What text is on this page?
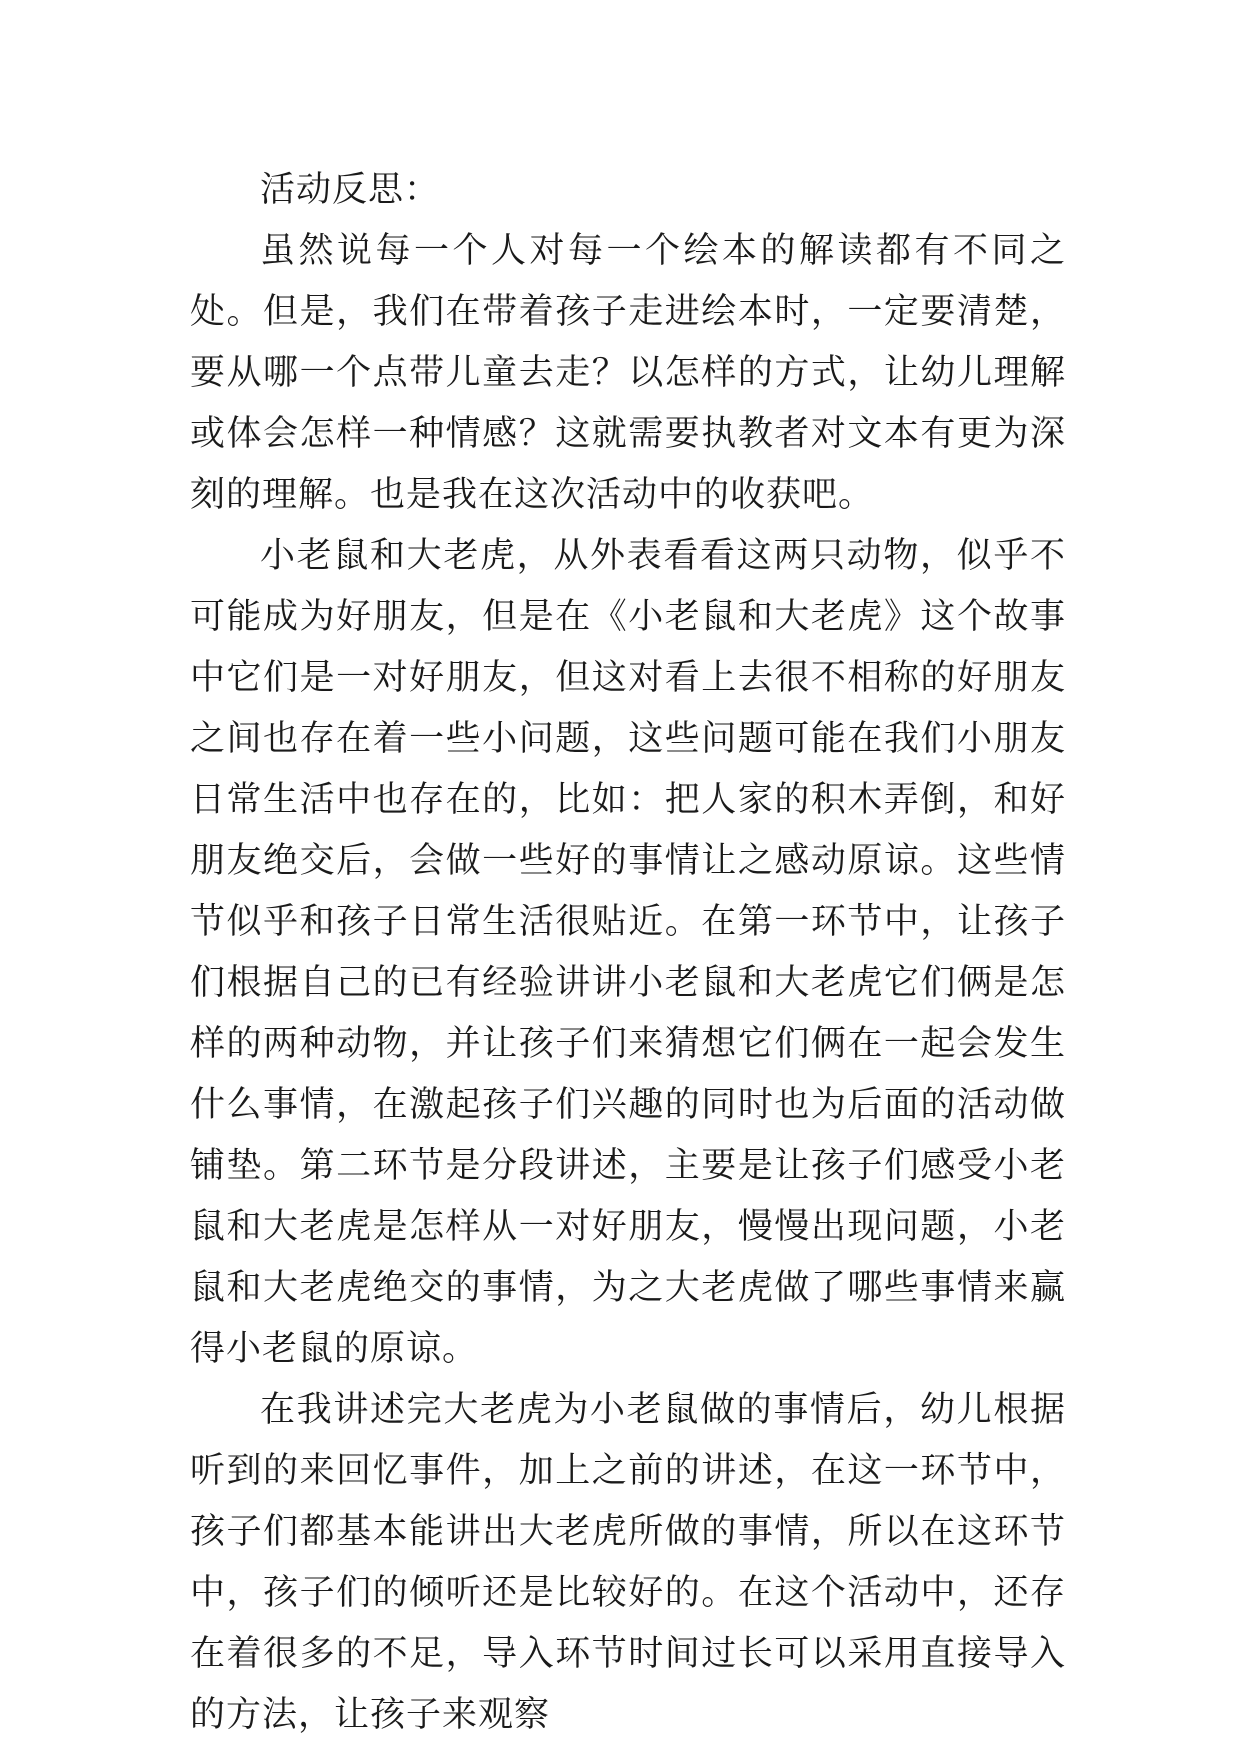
活动反思：

虽然说每一个人对每一个绘本的解读都有不同之处。但是，我们在带着孩子走进绘本时，一定要清楚，要从哪一个点带儿童去走？以怎样的方式，让幼儿理解或体会怎样一种情感？这就需要执教者对文本有更为深刻的理解。也是我在这次活动中的收获吧。

小老鼠和大老虎，从外表看看这两只动物，似乎不可能成为好朋友，但是在《小老鼠和大老虎》这个故事中它们是一对好朋友，但这对看上去很不相称的好朋友之间也存在着一些小问题，这些问题可能在我们小朋友日常生活中也存在的，比如：把人家的积木弄倒，和好朋友绝交后，会做一些好的事情让之感动原谅。这些情节似乎和孩子日常生活很贴近。在第一环节中，让孩子们根据自己的已有经验讲讲小老鼠和大老虎它们俩是怎样的两种动物，并让孩子们来猜想它们俩在一起会发生什么事情，在激起孩子们兴趣的同时也为后面的活动做铺垫。第二环节是分段讲述，主要是让孩子们感受小老鼠和大老虎是怎样从一对好朋友，慢慢出现问题，小老鼠和大老虎绝交的事情，为之大老虎做了哪些事情来赢得小老鼠的原谅。

在我讲述完大老虎为小老鼠做的事情后，幼儿根据听到的来回忆事件，加上之前的讲述，在这一环节中，孩子们都基本能讲出大老虎所做的事情，所以在这环节中，孩子们的倾听还是比较好的。在这个活动中，还存在着很多的不足，导入环节时间过长可以采用直接导入的方法，让孩子来观察
